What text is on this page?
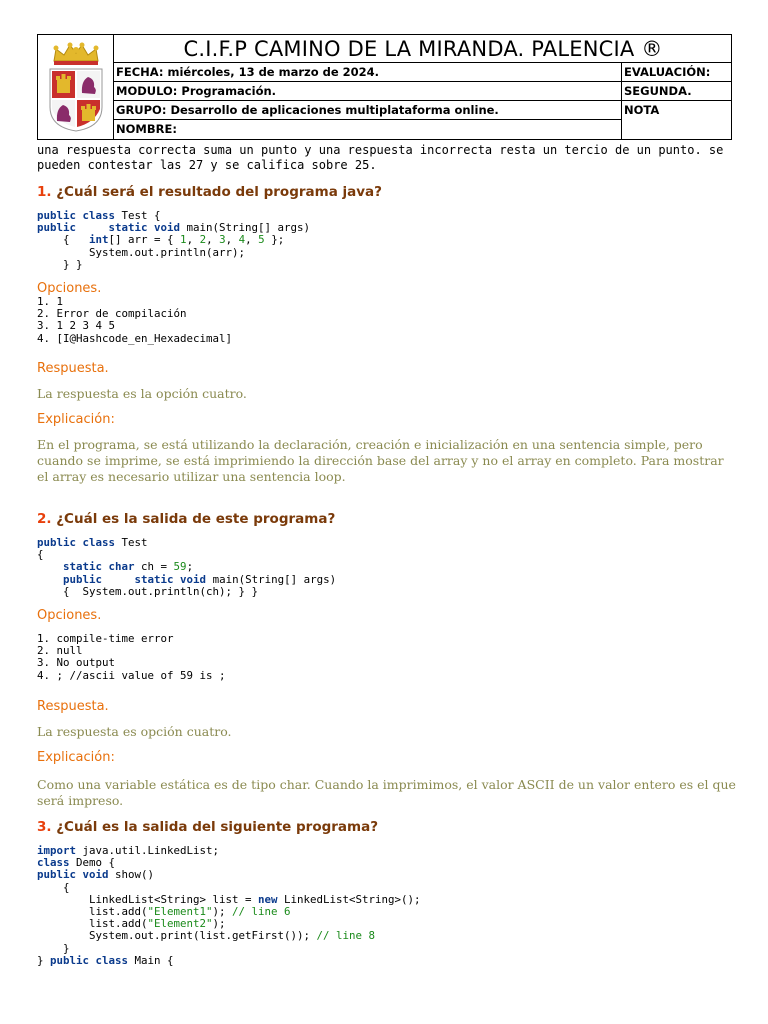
C.I.F.P CAMINO DE LA MIRANDA. PALENCIA ®
FECHA: miércoles, 13 de marzo de 2024.	EVALUACIÓN:
MODULO: Programación.	SEGUNDA.
GRUPO: Desarrollo de aplicaciones multiplataforma online.	NOTA
NOMBRE:
una respuesta correcta suma un punto y una respuesta incorrecta resta un tercio de un punto. se pueden contestar las 27 y se califica sobre 25.
1. ¿Cuál será el resultado del programa java?
public class Test {
public	static void main(String[] args)
{   int[] arr = { 1, 2, 3, 4, 5 };
System.out.println(arr);
} }
Opciones.
1. 1
2. Error de compilación
3. 1 2 3 4 5
4. [I@Hashcode_en_Hexadecimal]
Respuesta.

La respuesta es la opción cuatro.

Explicación:

En el programa, se está utilizando la declaración, creación e inicialización en una sentencia simple, pero cuando se imprime, se está imprimiendo la dirección base del array y no el array en completo. Para mostrar el array es necesario utilizar una sentencia loop.

2. ¿Cuál es la salida de este programa?
public class Test
{
static char ch = 59;
public	static void main(String[] args)
{  System.out.println(ch); } }
Opciones.
1. compile-time error
2. null
3. No output
4. ; //ascii value of 59 is ;
Respuesta.

La respuesta es opción cuatro.

Explicación:

Como una variable estática es de tipo char. Cuando la imprimimos, el valor ASCII de un valor entero es el que será impreso.

3. ¿Cuál es la salida del siguiente programa?
import java.util.LinkedList;
class Demo {
public void show()
{
LinkedList<String> list = new LinkedList<String>();
list.add("Element1"); // line 6
list.add("Element2");
System.out.print(list.getFirst()); // line 8
}
} public class Main {
